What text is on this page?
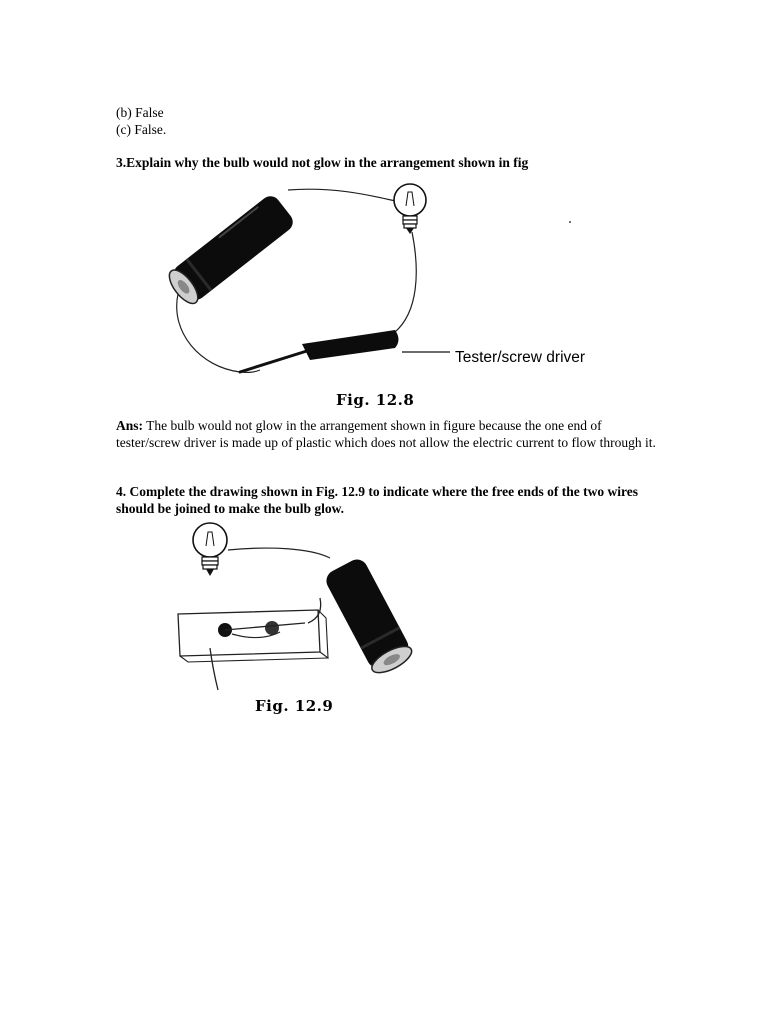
(b) False
(c) False.
3.Explain why the bulb would not glow in the arrangement shown in fig
Tester/screw driver
Fig. 12.8
Ans: The bulb would not glow in the arrangement shown in figure because the one end of tester/screw driver is made up of plastic which does not allow the electric current to flow through it.
4. Complete the drawing shown in Fig. 12.9 to indicate where the free ends of the two wires should be joined to make the bulb glow.
Fig. 12.9
